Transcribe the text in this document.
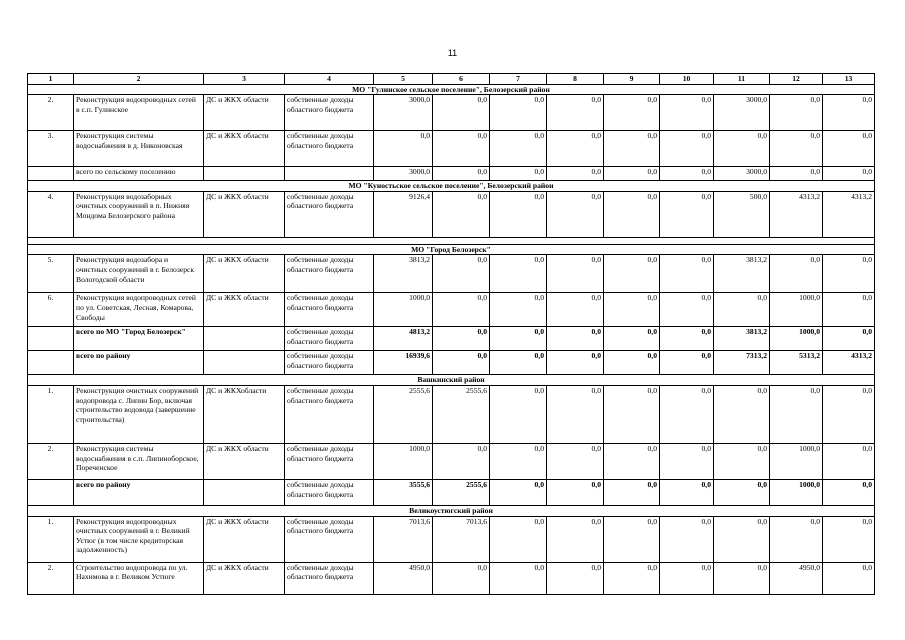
11
1	2	3	4	5	6	7	8	9	10	11	12	13
МО "Гулинское сельское поселение", Белозерский район												
2.	Реконструкция водопроводных сетей в с.п. Гулинское	ДС и ЖКХ области	собственные доходы областного бюджета	3000,0	0,0	0,0	0,0	0,0	0,0	3000,0	0,0	0,0
3.	Реконструкция системы водоснабжения в д. Никоновская	ДС и ЖКХ области	собственные доходы областного бюджета	0,0	0,0	0,0	0,0	0,0	0,0	0,0	0,0	0,0
	всего по сельскому поселению			3000,0	0,0	0,0	0,0	0,0	0,0	3000,0	0,0	0,0
МО "Куностьское сельское поселение", Белозерский район												
4.	Реконструкция водозаборных очистных сооружений в п. Нижняя Мондома Белозерского района	ДС и ЖКХ области	собственные доходы областного бюджета	9126,4	0,0	0,0	0,0	0,0	0,0	500,0	4313,2	4313,2

МО "Город Белозерск"												
5.	Реконструкция водозабора и очистных сооружений в г. Белозерск Вологодской области	ДС и ЖКХ области	собственные доходы областного бюджета	3813,2	0,0	0,0	0,0	0,0	0,0	3813,2	0,0	0,0
6.	Реконструкция водопроводных сетей по ул. Советская, Лесная, Комарова, Свободы	ДС и ЖКХ области	собственные доходы областного бюджета	1000,0	0,0	0,0	0,0	0,0	0,0	0,0	1000,0	0,0
	всего по МО "Город Белозерск"		собственные доходы областного бюджета	4813,2	0,0	0,0	0,0	0,0	0,0	3813,2	1000,0	0,0
	всего по району		собственные доходы областного бюджета	16939,6	0,0	0,0	0,0	0,0	0,0	7313,2	5313,2	4313,2
Вашкинский район												
1.	Реконструкция очистных сооружений водопровода с. Липин Бор, включая строительство водовода (завершение строительства)	ДС и ЖКХобласти	собственные доходы областного бюджета	2555,6	2555,6	0,0	0,0	0,0	0,0	0,0	0,0	0,0
2.	Реконструкция системы водоснабжения в с.п. Липиноборское, Пореченское	ДС и ЖКХ области	собственные доходы областного бюджета	1000,0	0,0	0,0	0,0	0,0	0,0	0,0	1000,0	0,0
	всего по району		собственные доходы областного бюджета	3555,6	2555,6	0,0	0,0	0,0	0,0	0,0	1000,0	0,0
Великоустюгский район												
1.	Реконструкция водопроводных очистных сооружений в г. Великий Устюг (в том числе кредиторская задолженность)	ДС и ЖКХ области	собственные доходы областного бюджета	7013,6	7013,6	0,0	0,0	0,0	0,0	0,0	0,0	0,0
2.	Строительство водопровода по ул. Нахимова в г. Великом Устюге	ДС и ЖКХ области	собственные доходы областного бюджета	4950,0	0,0	0,0	0,0	0,0	0,0	0,0	4950,0	0,0
